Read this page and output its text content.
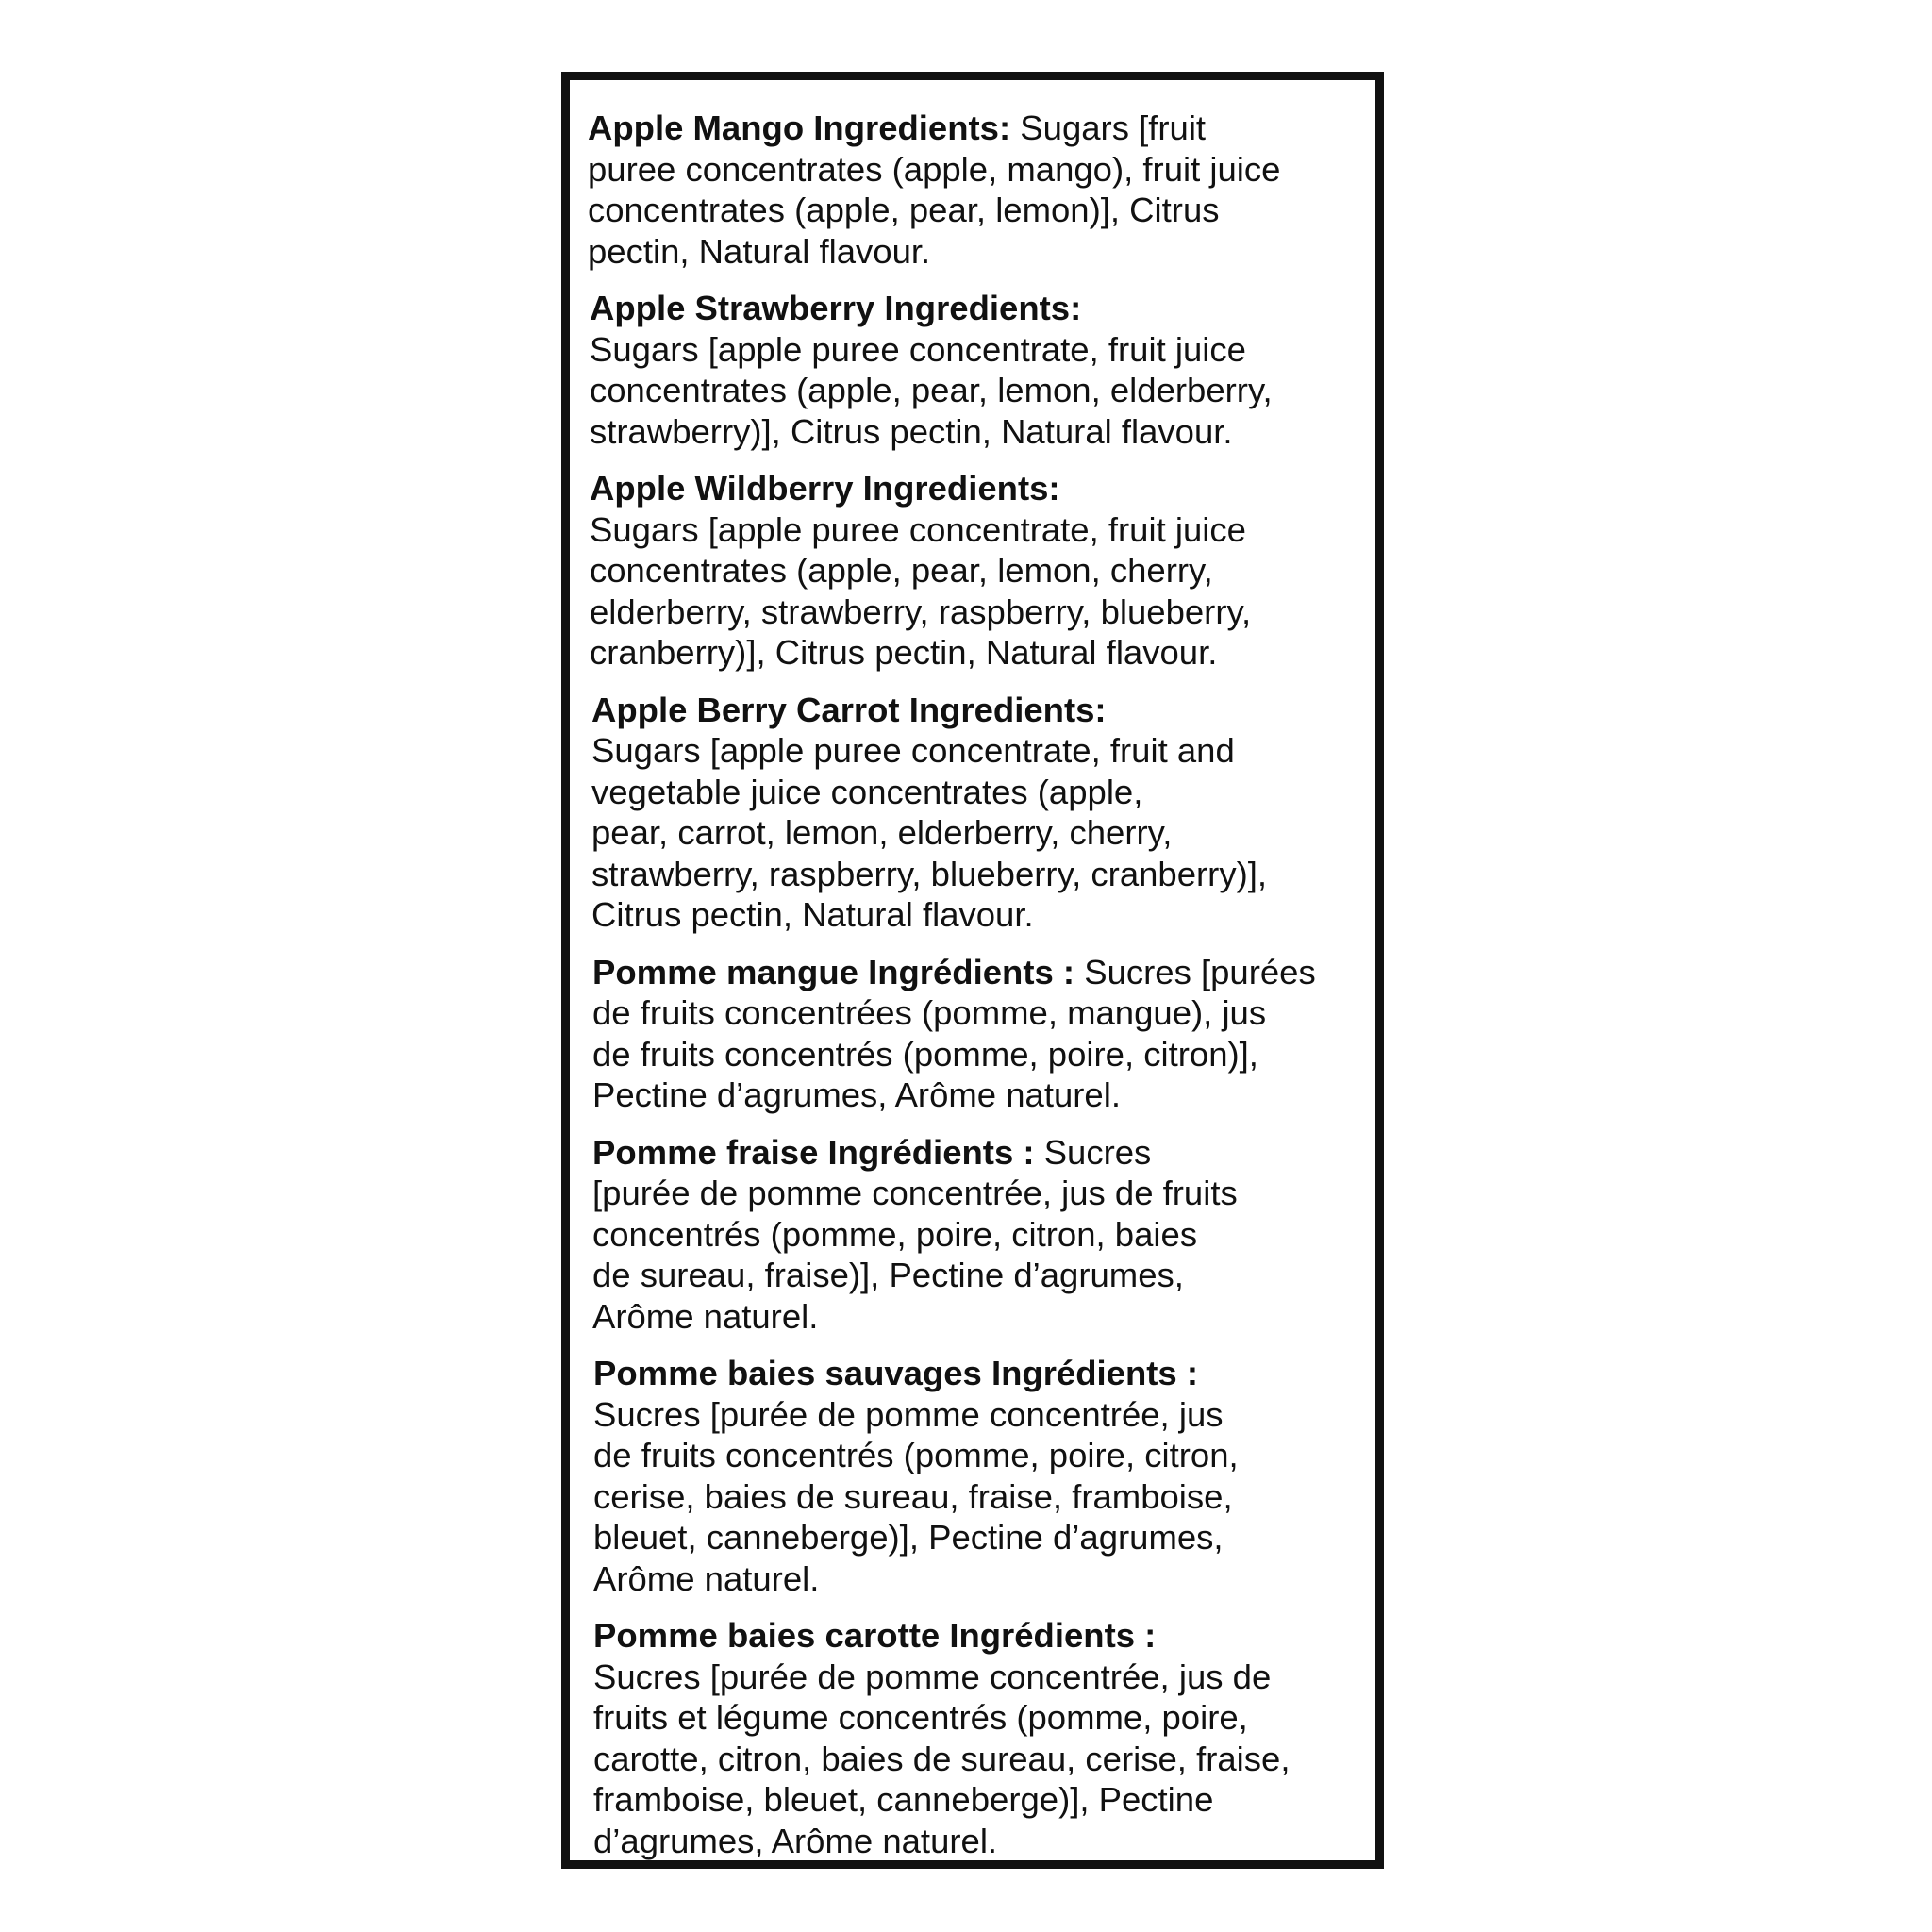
Apple Mango Ingredients: Sugars [fruit
puree concentrates (apple, mango), fruit juice
concentrates (apple, pear, lemon)], Citrus
pectin, Natural flavour.
Apple Strawberry Ingredients:
Sugars [apple puree concentrate, fruit juice
concentrates (apple, pear, lemon, elderberry,
strawberry)], Citrus pectin, Natural flavour.
Apple Wildberry Ingredients:
Sugars [apple puree concentrate, fruit juice
concentrates (apple, pear, lemon, cherry,
elderberry, strawberry, raspberry, blueberry,
cranberry)], Citrus pectin, Natural flavour.
Apple Berry Carrot Ingredients:
Sugars [apple puree concentrate, fruit and
vegetable juice concentrates (apple,
pear, carrot, lemon, elderberry, cherry,
strawberry, raspberry, blueberry, cranberry)],
Citrus pectin, Natural flavour.
Pomme mangue Ingrédients : Sucres [purées
de fruits concentrées (pomme, mangue), jus
de fruits concentrés (pomme, poire, citron)],
Pectine d’agrumes, Arôme naturel.
Pomme fraise Ingrédients : Sucres
[purée de pomme concentrée, jus de fruits
concentrés (pomme, poire, citron, baies
de sureau, fraise)], Pectine d’agrumes,
Arôme naturel.
Pomme baies sauvages Ingrédients :
Sucres [purée de pomme concentrée, jus
de fruits concentrés (pomme, poire, citron,
cerise, baies de sureau, fraise, framboise,
bleuet, canneberge)], Pectine d’agrumes,
Arôme naturel.
Pomme baies carotte Ingrédients :
Sucres [purée de pomme concentrée, jus de
fruits et légume concentrés (pomme, poire,
carotte, citron, baies de sureau, cerise, fraise,
framboise, bleuet, canneberge)], Pectine
d’agrumes, Arôme naturel.
